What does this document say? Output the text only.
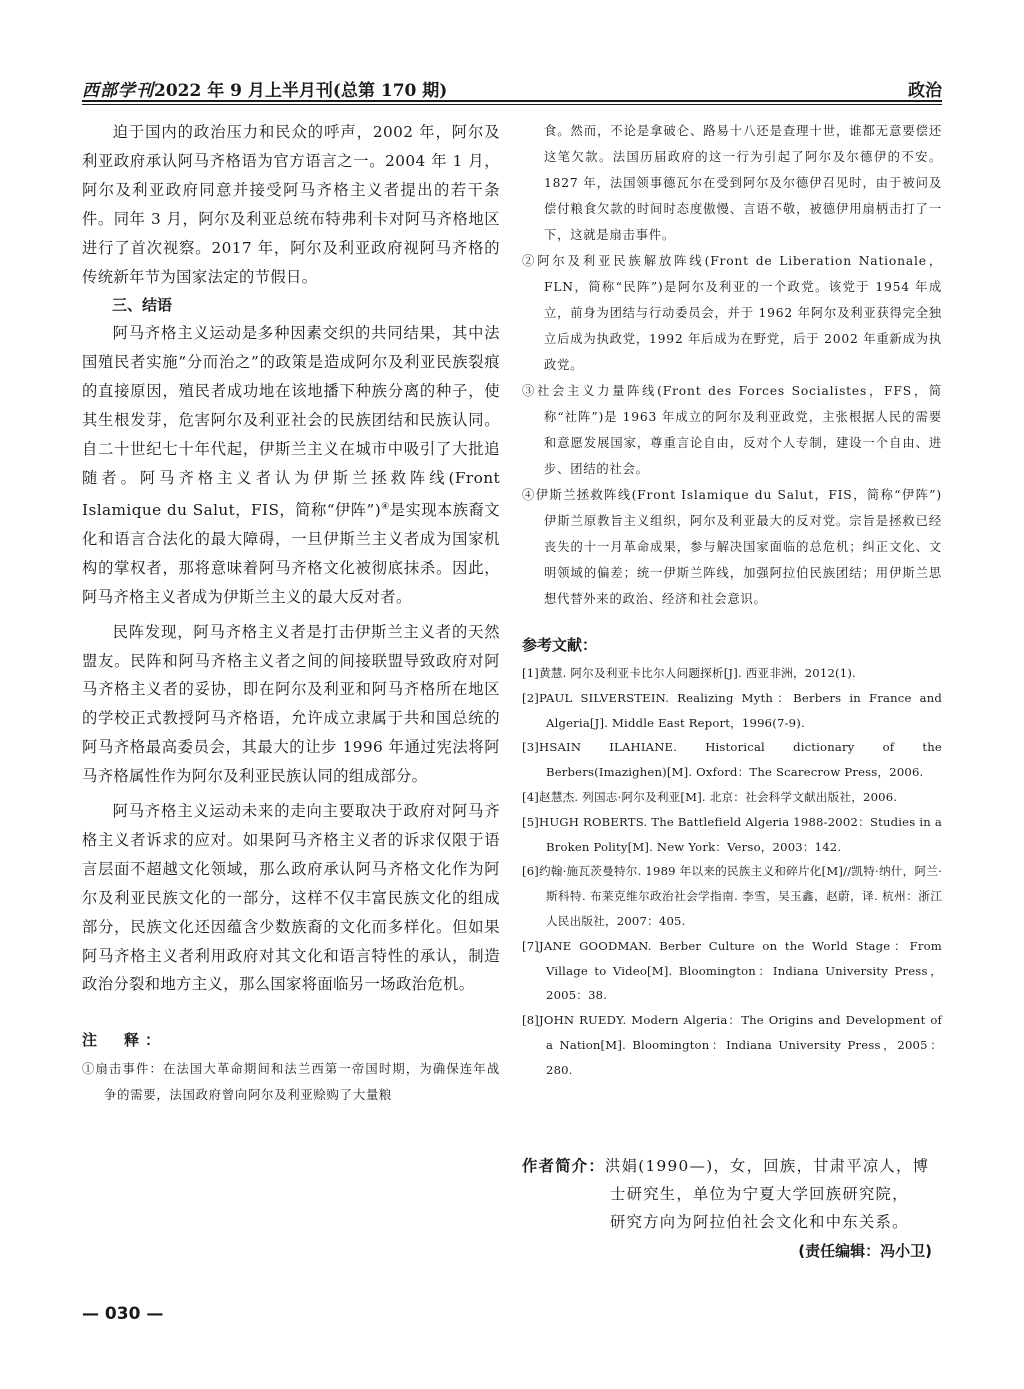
西部学刊2022 年 9 月上半月刊(总第 170 期)	政治

迫于国内的政治压力和民众的呼声，2002 年，阿尔及利亚政府承认阿马齐格语为官方语言之一。2004 年 1 月，阿尔及利亚政府同意并接受阿马齐格主义者提出的若干条件。同年 3 月，阿尔及利亚总统布特弗利卡对阿马齐格地区进行了首次视察。2017 年，阿尔及利亚政府视阿马齐格的传统新年节为国家法定的节假日。

三、结语

阿马齐格主义运动是多种因素交织的共同结果，其中法国殖民者实施“分而治之”的政策是造成阿尔及利亚民族裂痕的直接原因，殖民者成功地在该地播下种族分离的种子，使其生根发芽，危害阿尔及利亚社会的民族团结和民族认同。自二十世纪七十年代起，伊斯兰主义在城市中吸引了大批追随者。阿马齐格主义者认为伊斯兰拯救阵线(Front Islamique du Salut，FIS，简称“伊阵”)④是实现本族裔文化和语言合法化的最大障碍，一旦伊斯兰主义者成为国家机构的掌权者，那将意味着阿马齐格文化被彻底抹杀。因此，阿马齐格主义者成为伊斯兰主义的最大反对者。

民阵发现，阿马齐格主义者是打击伊斯兰主义者的天然盟友。民阵和阿马齐格主义者之间的间接联盟导致政府对阿马齐格主义者的妥协，即在阿尔及利亚和阿马齐格所在地区的学校正式教授阿马齐格语，允许成立隶属于共和国总统的阿马齐格最高委员会，其最大的让步 1996 年通过宪法将阿马齐格属性作为阿尔及利亚民族认同的组成部分。

阿马齐格主义运动未来的走向主要取决于政府对阿马齐格主义者诉求的应对。如果阿马齐格主义者的诉求仅限于语言层面不超越文化领域，那么政府承认阿马齐格文化作为阿尔及利亚民族文化的一部分，这样不仅丰富民族文化的组成部分，民族文化还因蕴含少数族裔的文化而多样化。但如果阿马齐格主义者利用政府对其文化和语言特性的承认，制造政治分裂和地方主义，那么国家将面临另一场政治危机。

注　释：

①扇击事件：在法国大革命期间和法兰西第一帝国时期，为确保连年战争的需要，法国政府曾向阿尔及利亚赊购了大量粮

食。然而，不论是拿破仑、路易十八还是查理十世，谁都无意要偿还这笔欠款。法国历届政府的这一行为引起了阿尔及尔德伊的不安。1827 年，法国领事德瓦尔在受到阿尔及尔德伊召见时，由于被问及偿付粮食欠款的时间时态度傲慢、言语不敬，被德伊用扇柄击打了一下，这就是扇击事件。

②阿尔及利亚民族解放阵线(Front de Liberation Nationale，FLN，简称“民阵”)是阿尔及利亚的一个政党。该党于 1954 年成立，前身为团结与行动委员会，并于 1962 年阿尔及利亚获得完全独立后成为执政党，1992 年后成为在野党，后于 2002 年重新成为执政党。

③社会主义力量阵线(Front des Forces Socialistes，FFS，简称“社阵”)是 1963 年成立的阿尔及利亚政党，主张根据人民的需要和意愿发展国家，尊重言论自由，反对个人专制，建设一个自由、进步、团结的社会。

④伊斯兰拯救阵线(Front Islamique du Salut，FIS，简称“伊阵”)伊斯兰原教旨主义组织，阿尔及利亚最大的反对党。宗旨是拯救已经丧失的十一月革命成果，参与解决国家面临的总危机；纠正文化、文明领域的偏差；统一伊斯兰阵线，加强阿拉伯民族团结；用伊斯兰思想代替外来的政治、经济和社会意识。

参考文献：

[1]黄慧. 阿尔及利亚卡比尔人问题探析[J]. 西亚非洲，2012(1).

[2]PAUL SILVERSTEIN. Realizing Myth：Berbers in France and Algeria[J]. Middle East Report，1996(7-9).

[3]HSAIN ILAHIANE. Historical dictionary of the Berbers(Imazighen)[M]. Oxford：The Scarecrow Press，2006.

[4]赵慧杰. 列国志·阿尔及利亚[M]. 北京：社会科学文献出版社，2006.

[5]HUGH ROBERTS. The Battlefield Algeria 1988-2002：Studies in a Broken Polity[M]. New York：Verso，2003：142.

[6]约翰·施瓦茨曼特尔. 1989 年以来的民族主义和碎片化[M]//凯特·纳什，阿兰·斯科特. 布莱克维尔政治社会学指南. 李雪，吴玉鑫，赵蔚，译. 杭州：浙江人民出版社，2007：405.

[7]JANE GOODMAN. Berber Culture on the World Stage：From Village to Video[M]. Bloomington：Indiana University Press，2005：38.

[8]JOHN RUEDY. Modern Algeria：The Origins and Development of a Nation[M]. Bloomington：Indiana University Press，2005：280.

作者简介：洪娟(1990—)，女，回族，甘肃平凉人，博

士研究生，单位为宁夏大学回族研究院，

研究方向为阿拉伯社会文化和中东关系。

(责任编辑：冯小卫)

— 030 —
